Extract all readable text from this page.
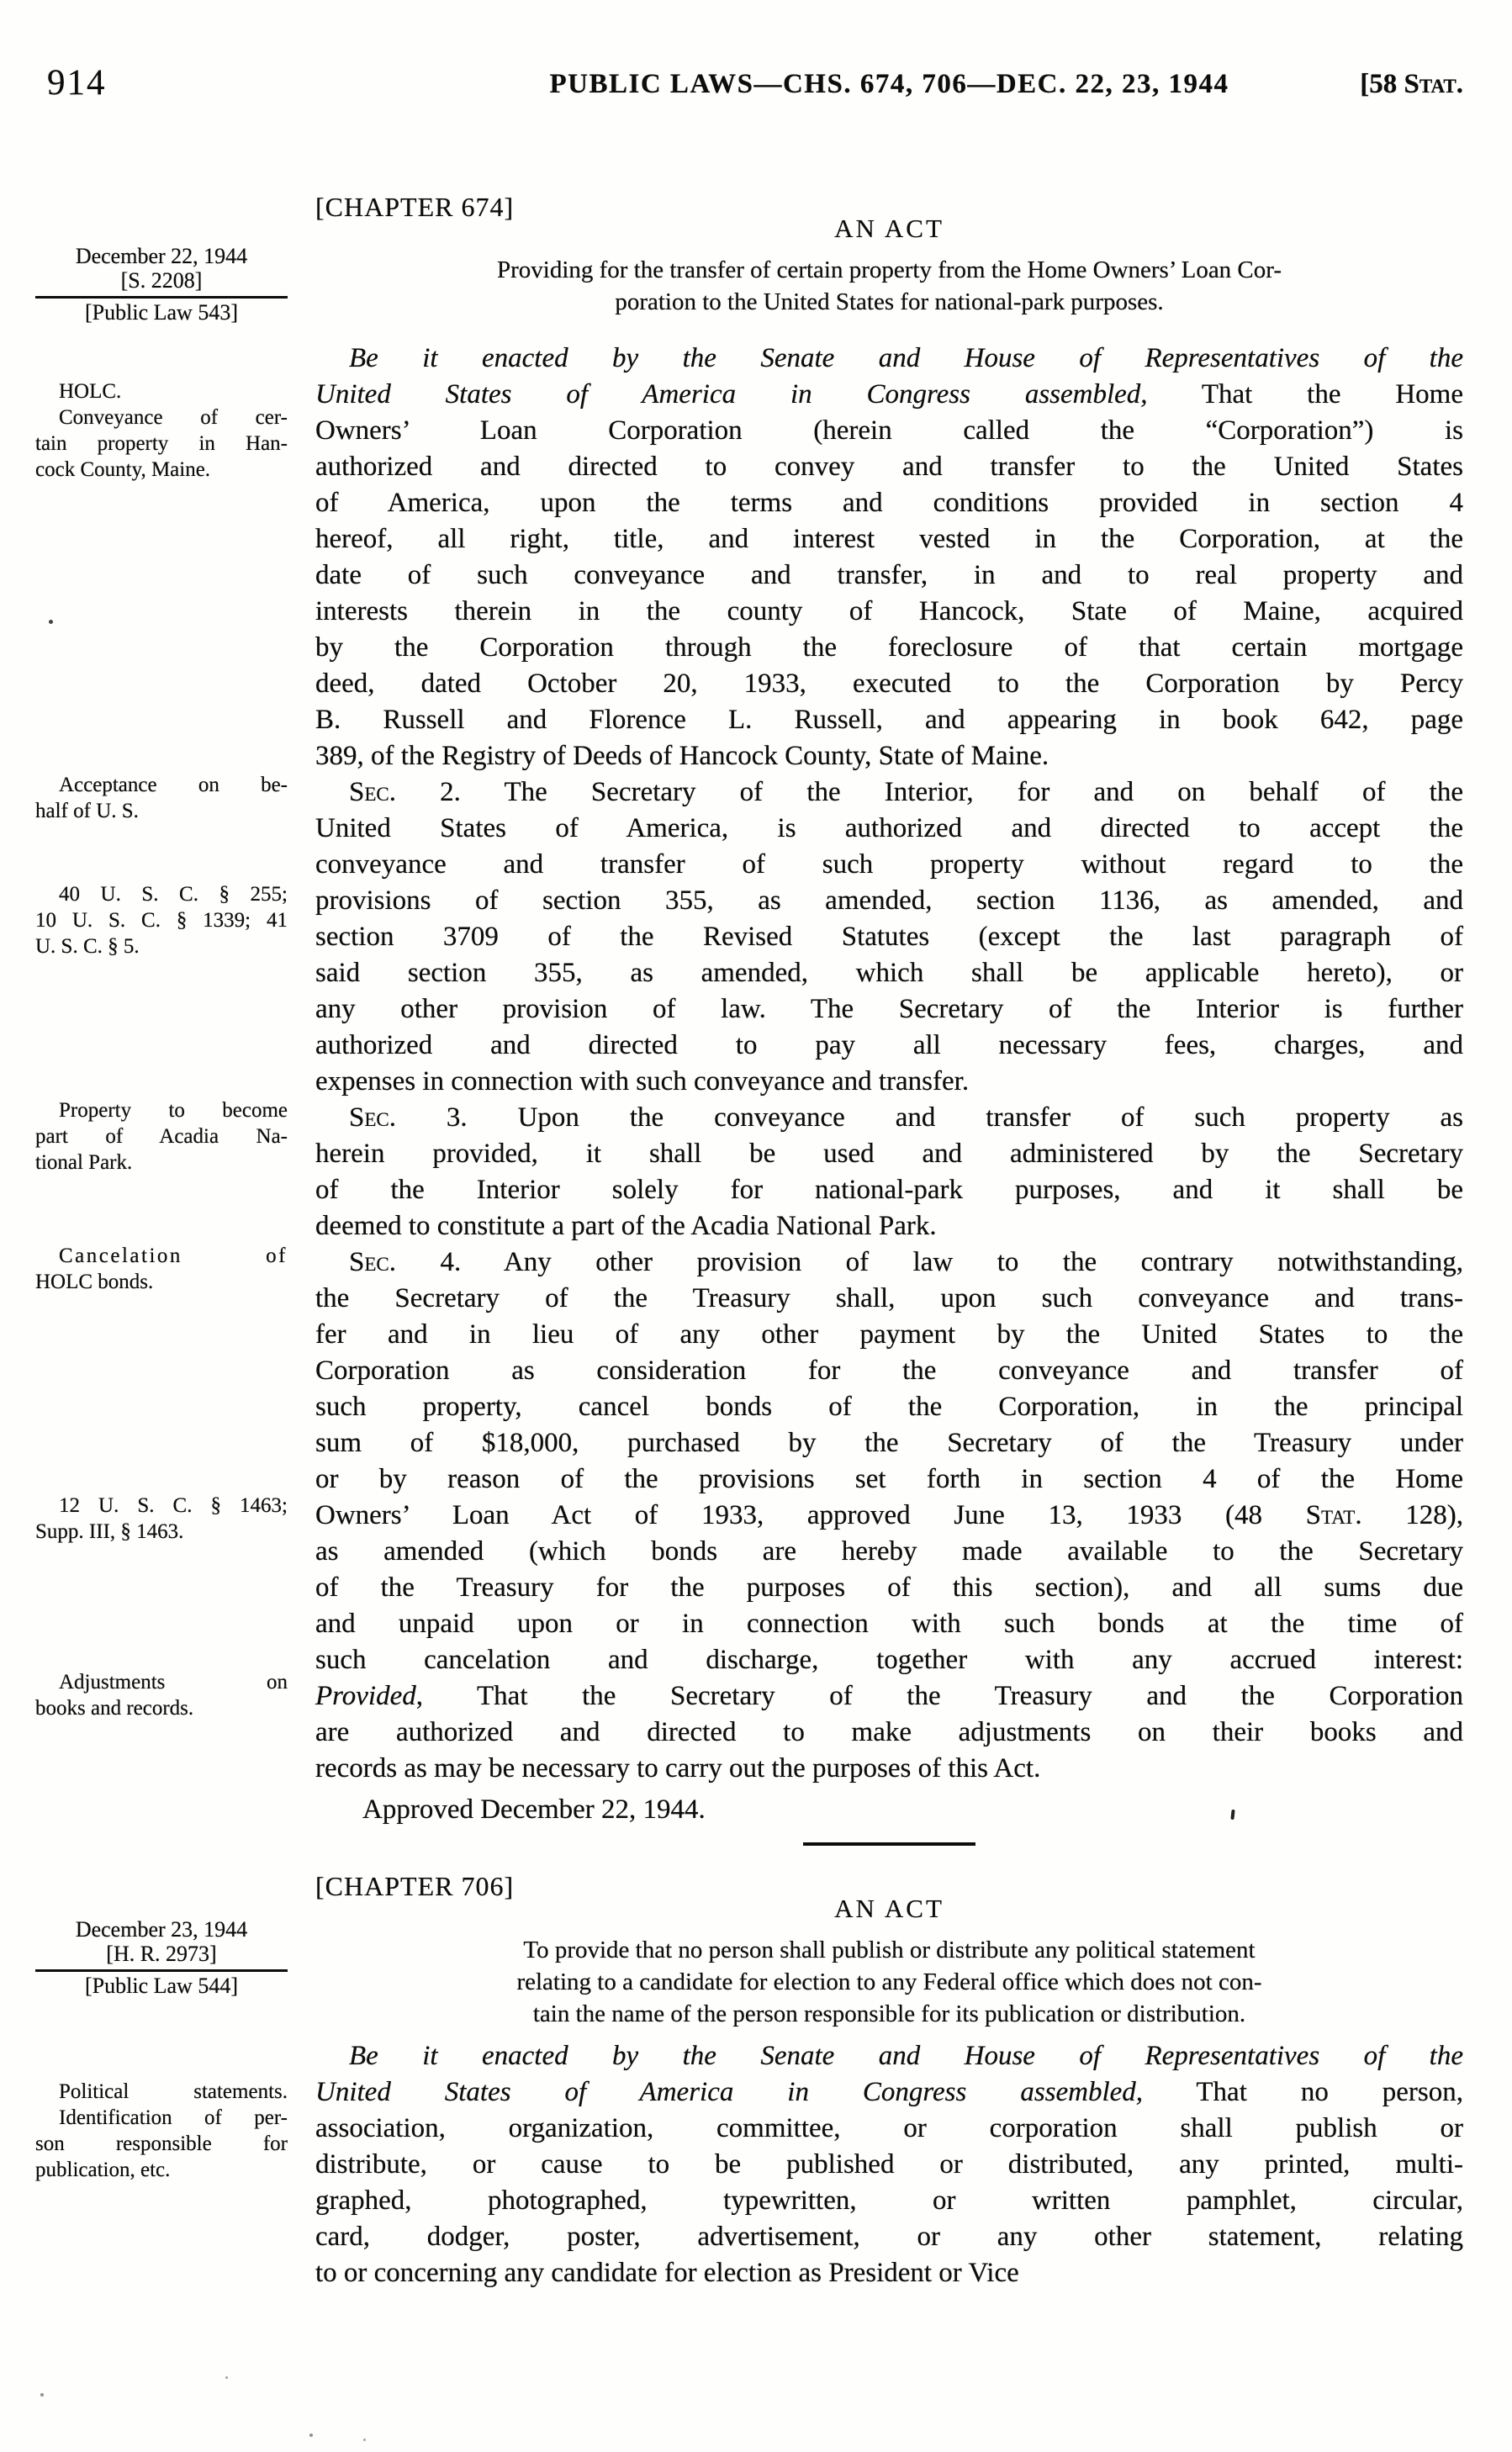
914	PUBLIC LAWS—CHS. 674, 706—DEC. 22, 23, 1944	[58 Stat.
[CHAPTER 674]
AN ACT
Providing for the transfer of certain property from the Home Owners’ Loan Cor-
poration to the United States for national-park purposes.
December 22, 1944
[S. 2208]
[Public Law 543]
HOLC.
Conveyance of cer-
tain property in Han-
cock County, Maine.
Acceptance on be-
half of U. S.
40 U. S. C. § 255;
10 U. S. C. § 1339; 41
U. S. C. § 5.
Property to become
part of Acadia Na-
tional Park.
Cancelation of
HOLC bonds.
12 U. S. C. § 1463;
Supp. III, § 1463.
Adjustments on
books and records.
Be it enacted by the Senate and House of Representatives of the
United States of America in Congress assembled, That the Home
Owners’ Loan Corporation (herein called the “Corporation”) is
authorized and directed to convey and transfer to the United States
of America, upon the terms and conditions provided in section 4
hereof, all right, title, and interest vested in the Corporation, at the
date of such conveyance and transfer, in and to real property and
interests therein in the county of Hancock, State of Maine, acquired
by the Corporation through the foreclosure of that certain mortgage
deed, dated October 20, 1933, executed to the Corporation by Percy
B. Russell and Florence L. Russell, and appearing in book 642, page
389, of the Registry of Deeds of Hancock County, State of Maine.
Sec. 2. The Secretary of the Interior, for and on behalf of the
United States of America, is authorized and directed to accept the
conveyance and transfer of such property without regard to the
provisions of section 355, as amended, section 1136, as amended, and
section 3709 of the Revised Statutes (except the last paragraph of
said section 355, as amended, which shall be applicable hereto), or
any other provision of law. The Secretary of the Interior is further
authorized and directed to pay all necessary fees, charges, and
expenses in connection with such conveyance and transfer.
Sec. 3. Upon the conveyance and transfer of such property as
herein provided, it shall be used and administered by the Secretary
of the Interior solely for national-park purposes, and it shall be
deemed to constitute a part of the Acadia National Park.
Sec. 4. Any other provision of law to the contrary notwithstanding,
the Secretary of the Treasury shall, upon such conveyance and trans-
fer and in lieu of any other payment by the United States to the
Corporation as consideration for the conveyance and transfer of
such property, cancel bonds of the Corporation, in the principal
sum of $18,000, purchased by the Secretary of the Treasury under
or by reason of the provisions set forth in section 4 of the Home
Owners’ Loan Act of 1933, approved June 13, 1933 (48 Stat. 128),
as amended (which bonds are hereby made available to the Secretary
of the Treasury for the purposes of this section), and all sums due
and unpaid upon or in connection with such bonds at the time of
such cancelation and discharge, together with any accrued interest:
Provided, That the Secretary of the Treasury and the Corporation
are authorized and directed to make adjustments on their books and
records as may be necessary to carry out the purposes of this Act.
Approved December 22, 1944.
[CHAPTER 706]
AN ACT
To provide that no person shall publish or distribute any political statement
relating to a candidate for election to any Federal office which does not con-
tain the name of the person responsible for its publication or distribution.
December 23, 1944
[H. R. 2973]
[Public Law 544]
Political statements.
Identification of per-
son responsible for
publication, etc.
Be it enacted by the Senate and House of Representatives of the
United States of America in Congress assembled, That no person,
association, organization, committee, or corporation shall publish or
distribute, or cause to be published or distributed, any printed, multi-
graphed, photographed, typewritten, or written pamphlet, circular,
card, dodger, poster, advertisement, or any other statement, relating
to or concerning any candidate for election as President or Vice
